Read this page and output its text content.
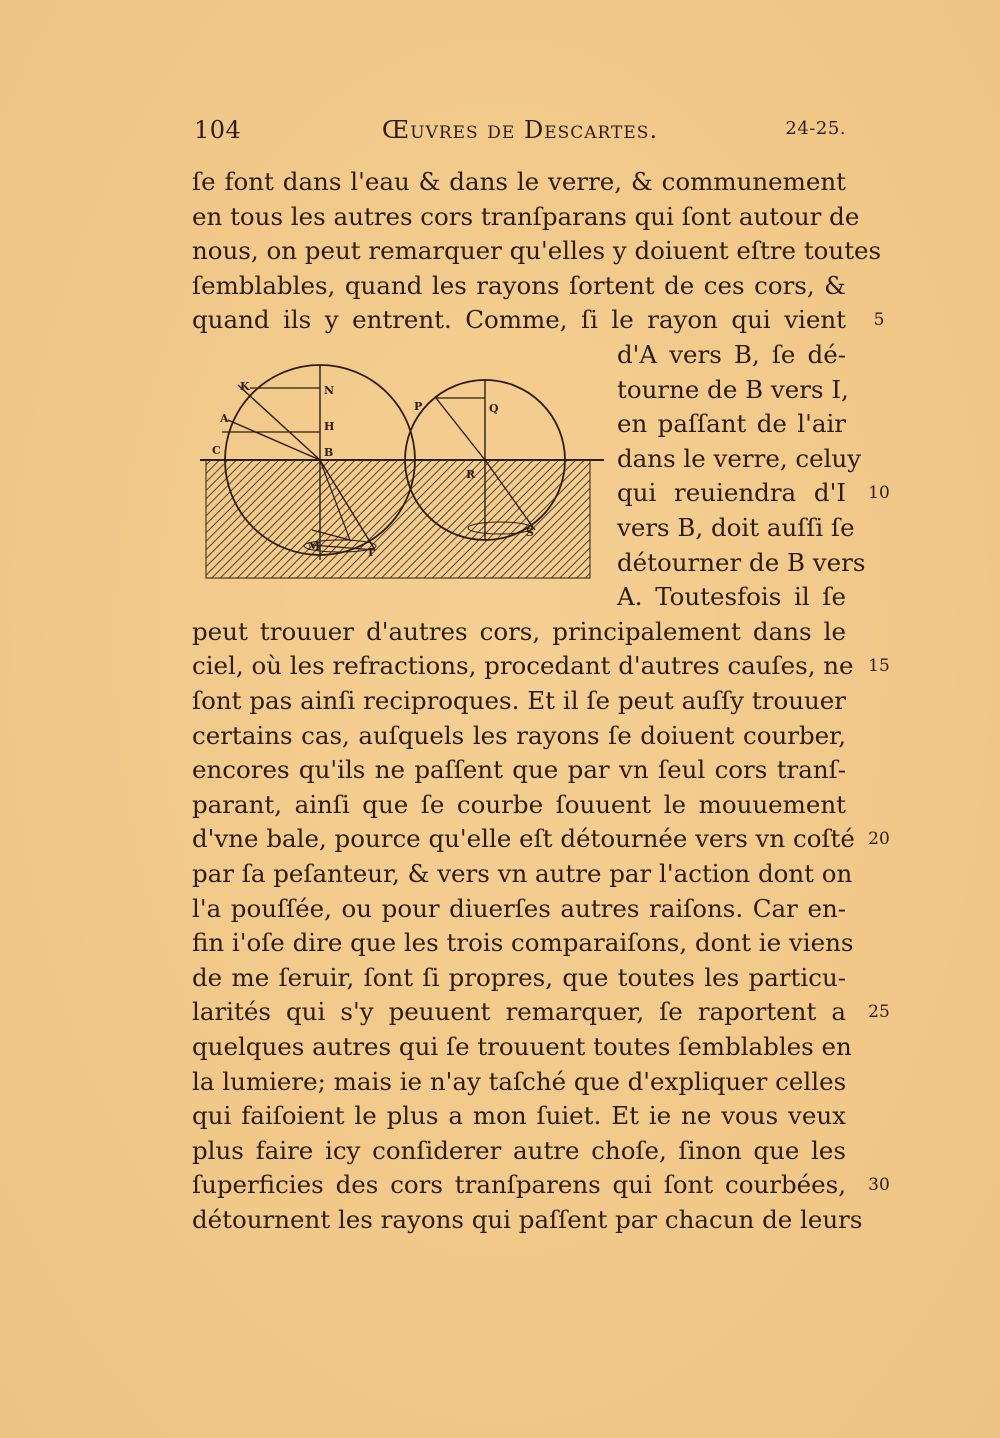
104	Œuvres de Descartes.	24-25.
ſe font dans l'eau & dans le verre, & communement
en tous les autres cors tranſparans qui ſont autour de
nous, on peut remarquer qu'elles y doiuent eſtre toutes
ſemblables, quand les rayons ſortent de ces cors, &
quand ils y entrent. Comme, ſi le rayon qui vient
d'A vers B, ſe dé-
tourne de B vers I,
en paſſant de l'air
dans le verre, celuy
qui reuiendra d'I
vers B, doit auſſi ſe
détourner de B vers
A. Toutesfois il ſe
peut trouuer d'autres cors, principalement dans le
ciel, où les refractions, procedant d'autres cauſes, ne
ſont pas ainſi reciproques. Et il ſe peut auſſy trouuer
certains cas, auſquels les rayons ſe doiuent courber,
encores qu'ils ne paſſent que par vn ſeul cors tranſ-
parant, ainſi que ſe courbe ſouuent le mouuement
d'vne bale, pource qu'elle eſt détournée vers vn coſté
par ſa peſanteur, & vers vn autre par l'action dont on
l'a pouſſée, ou pour diuerſes autres raiſons. Car en-
fin i'oſe dire que les trois comparaiſons, dont ie viens
de me ſeruir, ſont ſi propres, que toutes les particu-
larités qui s'y peuuent remarquer, ſe raportent a
quelques autres qui ſe trouuent toutes ſemblables en
la lumiere; mais ie n'ay taſché que d'expliquer celles
qui faiſoient le plus a mon ſuiet. Et ie ne vous veux
plus faire icy conſiderer autre choſe, ſinon que les
ſuperficies des cors tranſparens qui ſont courbées,
détournent les rayons qui paſſent par chacun de leurs
5
10
15
20
25
30
K	N
A
H
C	B
P	Q
R
I
S
M
